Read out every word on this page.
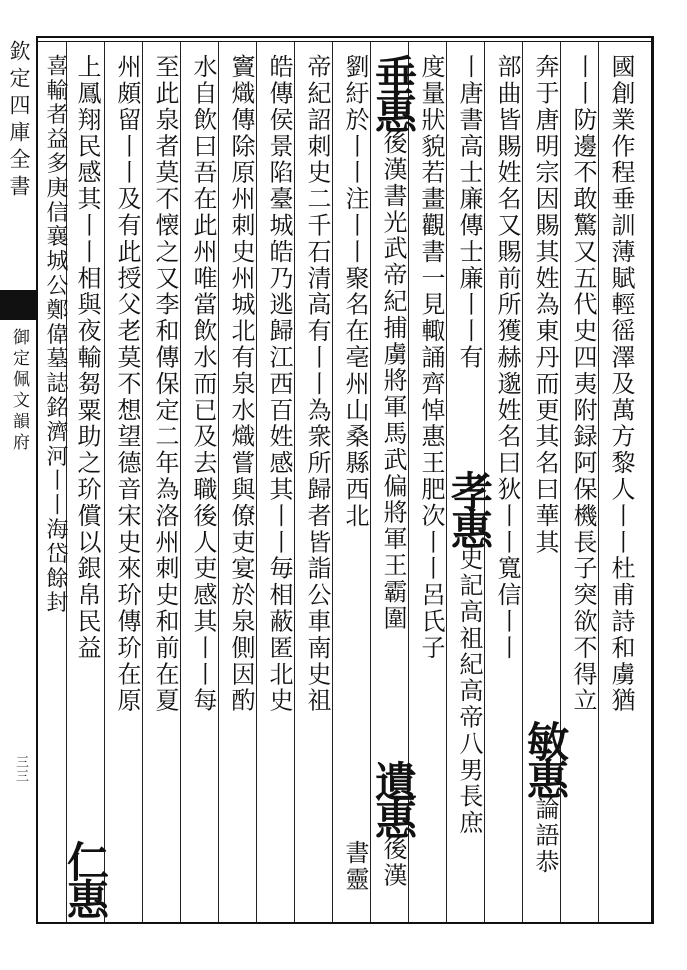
欽定四庫全書
御定佩文韻府
三三
國創業作程垂訓薄賦輕徭澤及萬方黎人丨丨杜甫詩和虜猶
丨丨防邊不敢驚又五代史四夷附録阿保機長子突欲不得立
奔于唐明宗因賜其姓為東丹而更其名曰華其

敏惠論語恭
部曲皆賜姓名又賜前所獲赫邈姓名曰狄丨丨寬信丨丨
丨唐書高士廉傳士廉丨丨有
孝惠史記高祖紀高帝八男長庶
度量狀貌若畫觀書一見輙誦齊悼惠王肥次丨丨呂氏子
垂惠後漢書光武帝紀捕虜將軍馬武偏將軍王霸圍
劉紆於丨丨注丨丨聚名在亳州山桑縣西北
遺惠後漢
書靈
帝紀詔刺史二千石清高有丨丨為衆所歸者皆詣公車南史祖
皓傳侯景陷臺城皓乃逃歸江西百姓感其丨丨毎相蔽匿北史
竇熾傳除原州刺史州城北有泉水熾嘗與僚吏宴於泉側因酌
水自飲曰吾在此州唯當飲水而已及去職後人吏感其丨丨每
至此泉者莫不懐之又李和傳保定二年為洛州刺史和前在夏
州頗留丨丨及有此授父老莫不想望德音宋史來玠傳玠在原
上鳳翔民感其丨丨相與夜輸芻粟助之玠償以銀帛民益
喜輸者益多庚信襄城公鄭偉墓誌銘濟河丨丨海岱餘封
仁惠
